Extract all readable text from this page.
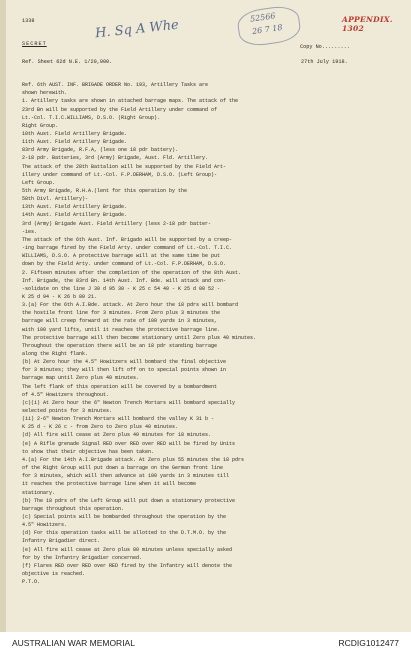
1338
SECRET
APPENDIX. 1302
Copy No.........
Ref. Sheet 62d N.E. 1/20,000.	27th July 1918.
H. Sq A Whe
52566
26 7 18
Ref. 6th AUST. INF. BRIGADE ORDER No. 193, Artillery Tasks are
shown herewith.
1. Artillery tasks are shown in attached barrage maps. The attack of the
23rd Bn will be supported by the Field Artillery under command of
Lt.-Col. T.I.C.WILLIAMS, D.S.O. (Right Group).
Right Group.
10th Aust. Field Artillery Brigade.
11th Aust. Field Artillery Brigade.
83rd Army Brigade, R.F.A, (less one 18 pdr battery).
2-18 pdr. Batteries, 3rd (Army) Brigade, Aust. Fld. Artillery.
The attack of the 28th Battalion will be supported by the Field Art-
illery under command of Lt.-Col. F.P.DERHAM, D.S.O. (Left Group)-
Left Group.
5th Army Brigade, R.H.A.(lent for this operation by the
58th Divl. Artillery)-
13th Aust. Field Artillery Brigade.
14th Aust. Field Artillery Brigade.
3rd (Army) Brigade Aust. Field Artillery (less 2-18 pdr batter-
-ies.
The attack of the 6th Aust. Inf. Brigado will be supported by a creep-
-ing barrage fired by the Field Arty. under command of Lt.-Col. T.I.C.
WILLIAMS, D.S.O. A protective barrage will at the same time be put
down by the Field Arty. under command of Lt.-Col. F.P.DERHAM, D.S.O.
2. Fifteen minutes after the completion of the operation of the 8th Aust.
Inf. Brigade, the 83rd Bn. 14th Aust. Inf. Bde. will attack and con-
-solidate on the line J 30 d 95 30 - K 25 c 54 40 - K 25 d 00 52 -
K 25 d 94 - K 26 b 80 21.
3.(a) For the 6th A.I.Bde. attack. At Zero hour the 18 pdrs will bombard
the hostile front line for 3 minutes. From Zero plus 3 minutes the
barrage will creep forward at the rate of 100 yards in 3 minutes,
with 100 yard lifts, until it reaches the protective barrage line.
The protective barrage will then become stationary until Zero plus 40 minutes.
Throughout the operation there will be an 18 pdr standing barrage
along the Right flank.
(b) At Zero hour the 4.5" Howitzers will bombard the final objective
for 3 minutes; they will then lift off on to special points shown in
barrage map until Zero plus 40 minutes.
The left flank of this operation will be covered by a bombardment
of 4.5" Howitzers throughout.
(c)(i) At Zero hour the 6" Newton Trench Mortars will bombard specially
selected points for 3 minutes.
(ii) 2-6" Newton Trench Mortars will bombard the valley K 31 b -
K 25 d - K 26 c - from Zero to Zero plus 40 minutes.
(d) All fire will cease at Zero plus 40 minutes for 18 minutes.
(e) A Rifle grenade Signal RED over RED over RED will be fired by Units
to show that their objective has been taken.
4.(a) For the 14th A.I.Brigade attack. At Zero plus 55 minutes the 18 pdrs
of the Right Group will put down a barrage on the German front line
for 3 minutes, which will then advance at 100 yards in 3 minutes till
it reaches the protective barrage line when it will become
stationary.
(b) The 18 pdrs of the Left Group will put down a stationary protective
barrage throughout this operation.
(c) Special points will be bombarded throughout the operation by the
4.5" Howitzers.
(d) For this operation tasks will be allotted to the D.T.M.O. by the
Infantry Brigadier direct.
(e) All fire will cease at Zero plus 80 minutes unless specially asked
for by the Infantry Brigadier concerned.
(f) Flares RED over RED over RED fired by the Infantry will denote the
objective is reached.
P.T.O.
AUSTRALIAN WAR MEMORIAL	RCDIG1012477
